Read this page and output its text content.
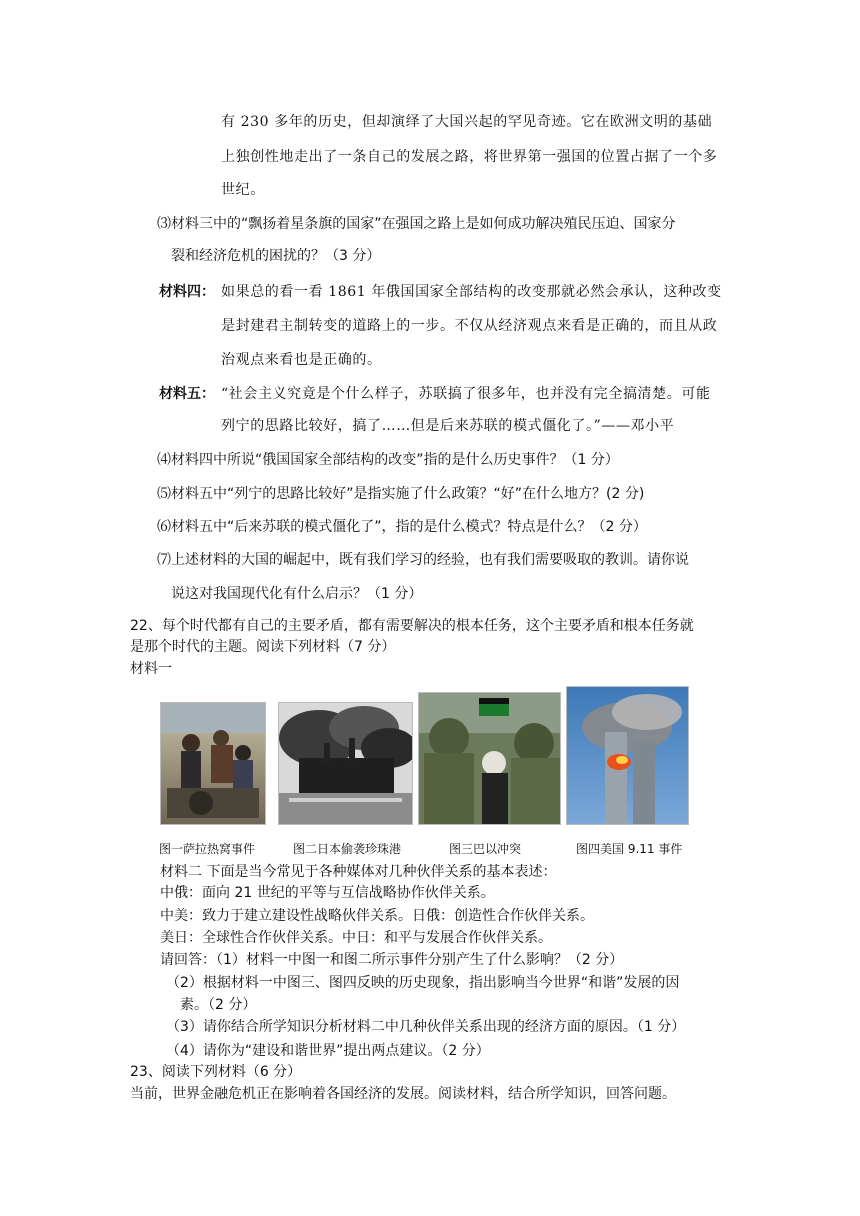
有 230 多年的历史，但却演绎了大国兴起的罕见奇迹。它在欧洲文明的基础
上独创性地走出了一条自己的发展之路，将世界第一强国的位置占据了一个多
世纪。
⑶材料三中的“飘扬着星条旗的国家”在强国之路上是如何成功解决殖民压迫、国家分
裂和经济危机的困扰的？（3 分）
材料四： 如果总的看一看 1861 年俄国国家全部结构的改变那就必然会承认，这种改变
是封建君主制转变的道路上的一步。不仅从经济观点来看是正确的，而且从政
治观点来看也是正确的。
材料五： “社会主义究竟是个什么样子，苏联搞了很多年，也并没有完全搞清楚。可能
列宁的思路比较好，搞了……但是后来苏联的模式僵化了。”——邓小平
⑷材料四中所说“俄国国家全部结构的改变”指的是什么历史事件？（1 分）
⑸材料五中“列宁的思路比较好”是指实施了什么政策？“好”在什么地方？(2 分)
⑹材料五中“后来苏联的模式僵化了”，指的是什么模式？特点是什么？（2 分）
⑺上述材料的大国的崛起中，既有我们学习的经验，也有我们需要吸取的教训。请你说
说这对我国现代化有什么启示？（1 分）
22、每个时代都有自己的主要矛盾，都有需要解决的根本任务，这个主要矛盾和根本任务就
是那个时代的主题。阅读下列材料（7 分）
材料一
图一萨拉热窝事件	图二日本偷袭珍珠港	图三巴以冲突	图四美国 9.11 事件
材料二 下面是当今常见于各种媒体对几种伙伴关系的基本表述：
中俄：面向 21 世纪的平等与互信战略协作伙伴关系。
中美：致力于建立建设性战略伙伴关系。日俄：创造性合作伙伴关系。
美日：全球性合作伙伴关系。中日：和平与发展合作伙伴关系。
请回答：（1）材料一中图一和图二所示事件分别产生了什么影响？（2 分）
（2）根据材料一中图三、图四反映的历史现象，指出影响当今世界“和谐”发展的因
素。（2 分）
（3）请你结合所学知识分析材料二中几种伙伴关系出现的经济方面的原因。（1 分）
（4）请你为“建设和谐世界”提出两点建议。（2 分）
23、阅读下列材料（6 分）
当前，世界金融危机正在影响着各国经济的发展。阅读材料，结合所学知识，回答问题。
